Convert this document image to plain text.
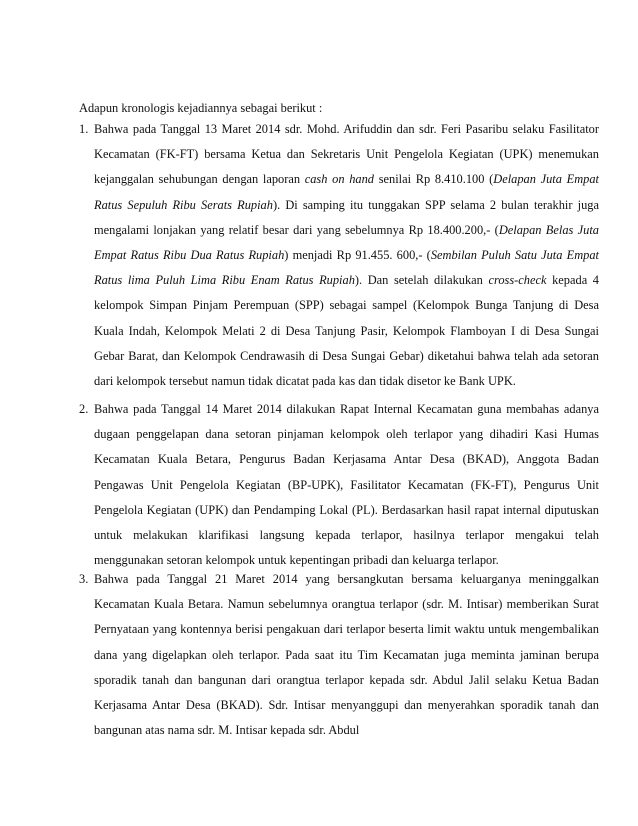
Adapun kronologis kejadiannya sebagai berikut :

1. Bahwa pada Tanggal 13 Maret 2014 sdr. Mohd. Arifuddin dan sdr. Feri Pasaribu selaku Fasilitator Kecamatan (FK-FT) bersama Ketua dan Sekretaris Unit Pengelola Kegiatan (UPK) menemukan kejanggalan sehubungan dengan laporan cash on hand senilai Rp 8.410.100 (Delapan Juta Empat Ratus Sepuluh Ribu Serats Rupiah). Di samping itu tunggakan SPP selama 2 bulan terakhir juga mengalami lonjakan yang relatif besar dari yang sebelumnya Rp 18.400.200,- (Delapan Belas Juta Empat Ratus Ribu Dua Ratus Rupiah) menjadi Rp 91.455. 600,- (Sembilan Puluh Satu Juta Empat Ratus lima Puluh Lima Ribu Enam Ratus Rupiah). Dan setelah dilakukan cross-check kepada 4 kelompok Simpan Pinjam Perempuan (SPP) sebagai sampel (Kelompok Bunga Tanjung di Desa Kuala Indah, Kelompok Melati 2 di Desa Tanjung Pasir, Kelompok Flamboyan I di Desa Sungai Gebar Barat, dan Kelompok Cendrawasih di Desa Sungai Gebar) diketahui bahwa telah ada setoran dari kelompok tersebut namun tidak dicatat pada kas dan tidak disetor ke Bank UPK.

2. Bahwa pada Tanggal 14 Maret 2014 dilakukan Rapat Internal Kecamatan guna membahas adanya dugaan penggelapan dana setoran pinjaman kelompok oleh terlapor yang dihadiri Kasi Humas Kecamatan Kuala Betara, Pengurus Badan Kerjasama Antar Desa (BKAD), Anggota Badan Pengawas Unit Pengelola Kegiatan (BP-UPK), Fasilitator Kecamatan (FK-FT), Pengurus Unit Pengelola Kegiatan (UPK) dan Pendamping Lokal (PL). Berdasarkan hasil rapat internal diputuskan untuk melakukan klarifikasi langsung kepada terlapor, hasilnya terlapor mengakui telah menggunakan setoran kelompok untuk kepentingan pribadi dan keluarga terlapor.

3. Bahwa pada Tanggal 21 Maret 2014 yang bersangkutan bersama keluarganya meninggalkan Kecamatan Kuala Betara. Namun sebelumnya orangtua terlapor (sdr. M. Intisar) memberikan Surat Pernyataan yang kontennya berisi pengakuan dari terlapor beserta limit waktu untuk mengembalikan dana yang digelapkan oleh terlapor. Pada saat itu Tim Kecamatan juga meminta jaminan berupa sporadik tanah dan bangunan dari orangtua terlapor kepada sdr. Abdul Jalil selaku Ketua Badan Kerjasama Antar Desa (BKAD). Sdr. Intisar menyanggupi dan menyerahkan sporadik tanah dan bangunan atas nama sdr. M. Intisar kepada sdr. Abdul
